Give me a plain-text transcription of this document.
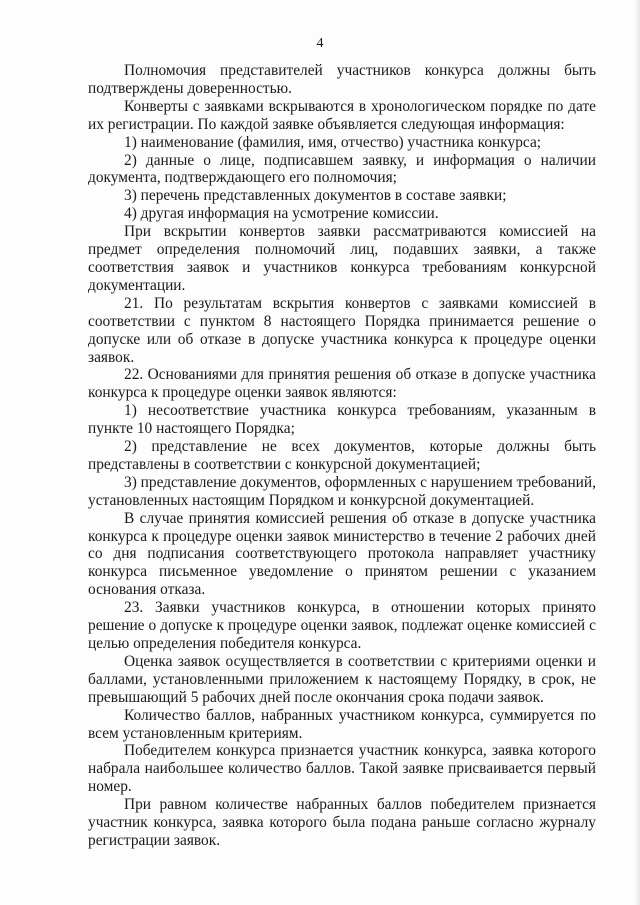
4

Полномочия представителей участников конкурса должны быть подтверждены доверенностью.

Конверты с заявками вскрываются в хронологическом порядке по дате их регистрации. По каждой заявке объявляется следующая информация:

1) наименование (фамилия, имя, отчество) участника конкурса;

2) данные о лице, подписавшем заявку, и информация о наличии документа, подтверждающего его полномочия;

3) перечень представленных документов в составе заявки;

4) другая информация на усмотрение комиссии.

При вскрытии конвертов заявки рассматриваются комиссией на предмет определения полномочий лиц, подавших заявки, а также соответствия заявок и участников конкурса требованиям конкурсной документации.

21. По результатам вскрытия конвертов с заявками комиссией в соответствии с пунктом 8 настоящего Порядка принимается решение о допуске или об отказе в допуске участника конкурса к процедуре оценки заявок.

22. Основаниями для принятия решения об отказе в допуске участника конкурса к процедуре оценки заявок являются:

1) несоответствие участника конкурса требованиям, указанным в пункте 10 настоящего Порядка;

2) представление не всех документов, которые должны быть представлены в соответствии с конкурсной документацией;

3) представление документов, оформленных с нарушением требований, установленных настоящим Порядком и конкурсной документацией.

В случае принятия комиссией решения об отказе в допуске участника конкурса к процедуре оценки заявок министерство в течение 2 рабочих дней со дня подписания соответствующего протокола направляет участнику конкурса письменное уведомление о принятом решении с указанием основания отказа.

23. Заявки участников конкурса, в отношении которых принято решение о допуске к процедуре оценки заявок, подлежат оценке комиссией с целью определения победителя конкурса.

Оценка заявок осуществляется в соответствии с критериями оценки и баллами, установленными приложением к настоящему Порядку, в срок, не превышающий 5 рабочих дней после окончания срока подачи заявок.

Количество баллов, набранных участником конкурса, суммируется по всем установленным критериям.

Победителем конкурса признается участник конкурса, заявка которого набрала наибольшее количество баллов. Такой заявке присваивается первый номер.

При равном количестве набранных баллов победителем признается участник конкурса, заявка которого была подана раньше согласно журналу регистрации заявок.
